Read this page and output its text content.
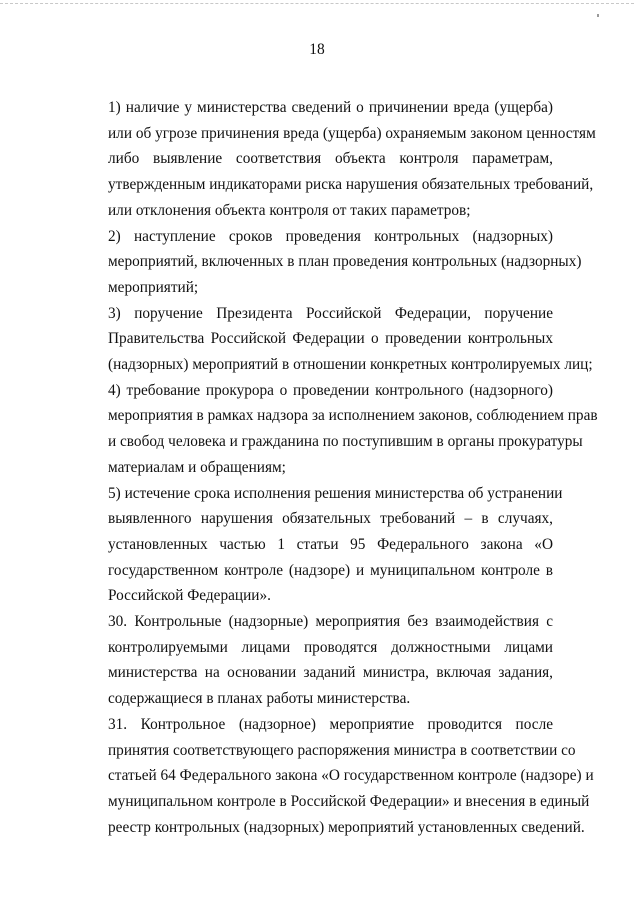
18

1) наличие у министерства сведений о причинении вреда (ущерба)
или об угрозе причинения вреда (ущерба) охраняемым законом ценностям
либо выявление соответствия объекта контроля параметрам,
утвержденным индикаторами риска нарушения обязательных требований,
или отклонения объекта контроля от таких параметров;

2) наступление сроков проведения контрольных (надзорных)
мероприятий, включенных в план проведения контрольных (надзорных)
мероприятий;

3) поручение Президента Российской Федерации, поручение
Правительства Российской Федерации о проведении контрольных
(надзорных) мероприятий в отношении конкретных контролируемых лиц;

4) требование прокурора о проведении контрольного (надзорного)
мероприятия в рамках надзора за исполнением законов, соблюдением прав
и свобод человека и гражданина по поступившим в органы прокуратуры
материалам и обращениям;

5) истечение срока исполнения решения министерства об устранении
выявленного нарушения обязательных требований – в случаях,
установленных частью 1 статьи 95 Федерального закона «О
государственном контроле (надзоре) и муниципальном контроле в
Российской Федерации».

30. Контрольные (надзорные) мероприятия без взаимодействия с
контролируемыми лицами проводятся должностными лицами
министерства на основании заданий министра, включая задания,
содержащиеся в планах работы министерства.

31. Контрольное (надзорное) мероприятие проводится после
принятия соответствующего распоряжения министра в соответствии со
статьей 64 Федерального закона «О государственном контроле (надзоре) и
муниципальном контроле в Российской Федерации» и внесения в единый
реестр контрольных (надзорных) мероприятий установленных сведений.
